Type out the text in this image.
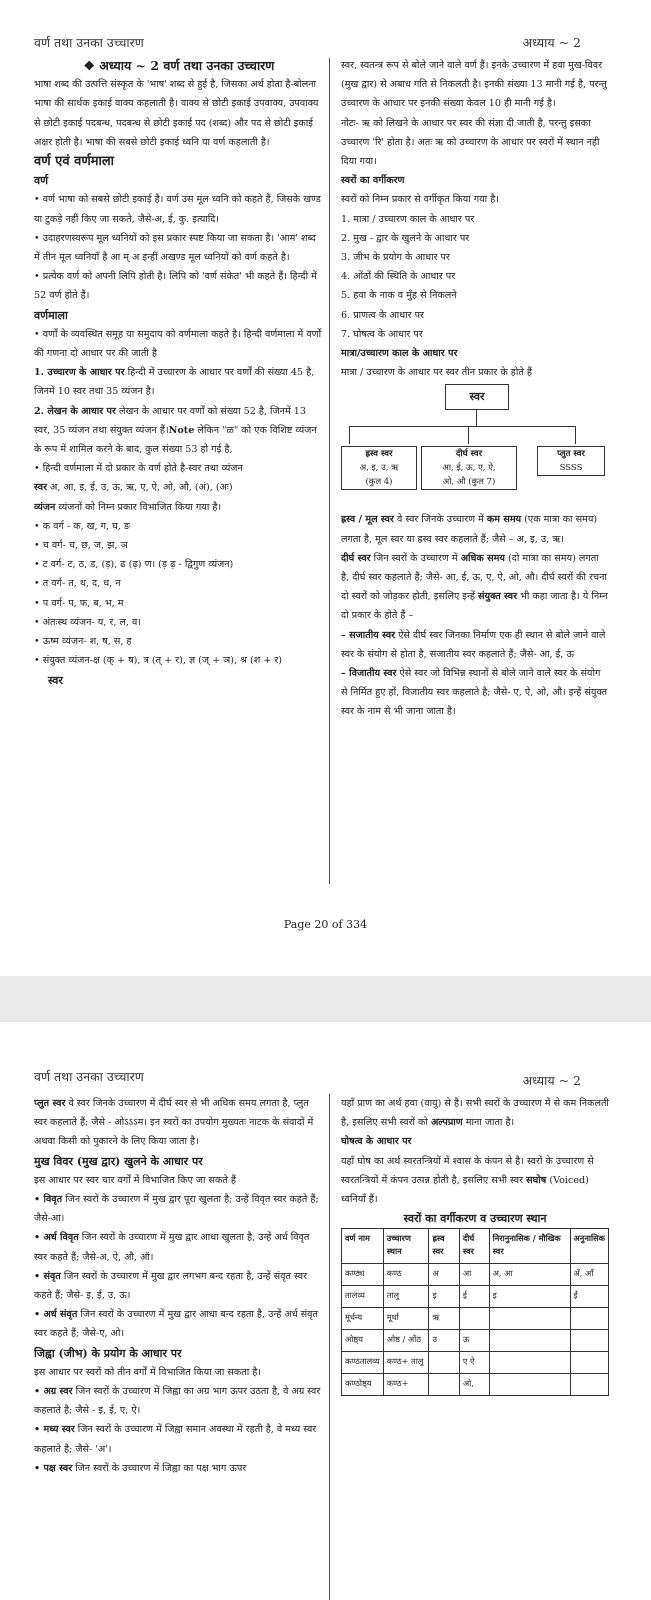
वर्ण तथा उनका उच्चारण	अध्याय ~ 2
❖ अध्याय ~ 2 वर्ण तथा उनका उच्चारण
भाषा शब्द की उत्पत्ति संस्कृत के 'भाष' शब्द से हुई है, जिसका अर्थ होता है-बोलना भाषा की सार्थक इकाई वाक्य कहलाती है। वाक्य से छोटी इकाई उपवाक्य, उपवाक्य से छोटी इकाई पदबन्ध, पदबन्ध से छोटी इकाई पद (शब्द) और पद से छोटी इकाई अक्षर होती है। भाषा की सबसे छोटी इकाई ध्वनि या वर्ण कहलाती है।
वर्ण एवं वर्णमाला
वर्ण
• वर्ण भाषा को सबसे छोटी इकाई है। वर्ण उस मूल ध्वनि को कहते हैं, जिसके खण्ड या टुकड़े नहीं किए जा सकते, जैसे-अ, ई, कु. इत्यादि।
• उदाहरणस्वरूप मूल ध्वनियों को इस प्रकार स्पष्ट किया जा सकता है। 'आम' शब्द में तीन मूल ध्वनियाँ है आ म् अ इन्हीं अखण्ड मूल ध्वनियों को वर्ण कहते है।
• प्रत्येक वर्ण को अपनी लिपि होती है। लिपि को 'वर्ण संकेत' भी कहते हैं। हिन्दी में 52 वर्ण होते हैं।
वर्णमाला
• वर्णों के व्यवस्थित समूह या समुदाय को वर्णमाला कहते है। हिन्दी वर्णमाला में वर्णों की गणना दो आधार पर की जाती है
1. उच्चारण के आधार पर हिन्दी में उच्चारण के आधार पर वर्णों की संख्या 45 है, जिनमें 10 स्वर तथा 35 व्यंजन है।
2. लेखन के आधार पर लेखन के आधार पर वर्णों को संख्या 52 है, जिनमें 13 स्वर, 35 व्यंजन तथा संयुक्त व्यंजन हैं।Note लेकिन "ळ" को एक विशिष्ट व्यंजन के रूप में शामिल करने के बाद, कुल संख्या 53 हो गई है,
• हिन्दी वर्णमाला में दो प्रकार के वर्ण होते है-स्वर तथा व्यंजन
स्वर अ, आ, इ, ई, उ, ऊ, ऋ, ए, ऐ, ओ, औ, (अं), (अः)
व्यंजन व्यंजनों को निम्न प्रकार विभाजित किया गया है।
• क वर्ग - क, ख, ग, घ, ङ
• च वर्ग- च, छ, ज, झ, ञ
• ट वर्ग- ट, ठ, ड, (ड़), ढ (ढ़) ण। (ड़ ढ़ - द्विगुण व्यंजन)
• त वर्ग- त, थ, द, ध, न
• प वर्ग- प, फ, ब, भ, म
• अंतःस्थ व्यंजन- य, र, ल, व।
• ऊष्म व्यंजन- श, ष, स, ह
• संयुक्त व्यंजन-क्ष (क् + ष), त्र (त् + र), ज्ञ (ज् + ञ), श्र (श + र)
स्वर
स्वर, स्वतन्त्र रूप से बोले जाने वाले वर्ण हैं। इनके उच्चारण में हवा मुख-विवर (मुख द्वार) से अबाध गति से निकलती है। इनकी संख्या 13 मानी गई है, परन्तु उच्चारण के आधार पर इनकी संख्या केवल 10 ही मानी गई है।
नोटः- ऋ को लिखने के आधार पर स्वर की संज्ञा दी जाती है, परन्तु इसका उच्चारण 'रि' होता है। अतः ऋ को उच्चारण के आधार पर स्वरों में स्थान नही दिया गया।
स्वरों का वर्गीकरण
स्वरों को निम्न प्रकार से वर्गीकृत किया गया है।
1. मात्रा / उच्चारण काल के आधार पर
2. मुख - द्वार के खुलने के आधार पर
3. जीभ के प्रयोग के आधार पर
4. ओंठों की स्थिति के आधार पर
5. हवा के नाक व मुँह से निकलने
6. प्राणत्व के आधार पर
7. घोषत्व के आधार पर
मात्रा/उच्चारण काल के आधार पर
मात्रा / उच्चारण के आधार पर स्वर तीन प्रकार के होते हैं
स्वर
ह्रस्व स्वर
अ, इ, उ, ऋ
(कुल 4)
दीर्घ स्वर
आ, ई, ऊ, ए, ऐ,
ओ, औ (कुल 7)
प्लुत स्वर
SSSS
ह्रस्व / मूल स्वर वे स्वर जिनके उच्चारण में कम समय (एक मात्रा का समय) लगता है, मूल स्वर या ह्रस्व स्वर कहलाते हैं; जैसे – अ, इ, उ, ऋ।
दीर्घ स्वर जिन स्वरों के उच्चारण में अधिक समय (दो मात्रा का समय) लगता है, दीर्घ स्वर कहलाते हैं; जैसे- आ, ई, ऊ, ए, ऐ, ओ, औ। दीर्घ स्वरों की रचना दो स्वरों को जोड़कर होती, इसलिए इन्हें संयुक्त स्वर भी कहा जाता है। ये निम्न दो प्रकार के होते हैं –
– सजातीय स्वर ऐसे दीर्घ स्वर जिनका निर्माण एक ही स्थान से बोले जाने वाले स्वर के संयोग से होता है, सजातीय स्वर कहलाते हैं; जैसे- आ, ई, ऊ
– विजातीय स्वर ऐसे स्वर जो विभिन्न स्थानों से बोले जाने वाले स्वर के संयोग से निर्मित हुए हों, विजातीय स्वर कहलाते है; जैसे- ए, ऐ, ओ, औ। इन्हें संयुक्त स्वर के नाम से भी जाना जाता है।
Page 20 of 334
वर्ण तथा उनका उच्चारण	अध्याय ~ 2
प्लुत स्वर वे स्वर जिनके उच्चारण में दीर्घ स्वर से भी अधिक समय लगता है, प्लुत स्वर कहलाते हैं; जैसे - ओऽऽऽम। इन स्वरों का उपयोग मुख्यतः नाटक के संवादों में अथवा किसी को पुकारने के लिए किया जाता है।
मुख विवर (मुख द्वार) खुलने के आधार पर
इस आधार पर स्वर चार वर्गों में विभाजित किए जा सकते हैं
• विवृत जिन स्वरों के उच्चारण में मुख द्वार पूरा खुलता है; उन्हें विवृत स्वर कहते हैं; जैसे-आ।
• अर्ध विवृत जिन स्वरों के उच्चारण में मुख द्वार आधा खुलता है, उन्हें अर्ध विवृत स्वर कहते हैं; जैसे-अ, ऐ, औ, ऑ।
• संवृत जिन स्वरों के उच्चारण में मुख द्वार लगभग बन्द रहता है, उन्हें संवृत स्वर कहते हैं; जैसे- इ, ई, उ, ऊ।
• अर्ध संवृत जिन स्वरों के उच्चारण में मुख द्वार आधा बन्द रहता है, उन्हें अर्ध संवृत स्वर कहते हैं; जैसे-ए, ओ।
जिह्वा (जीभ) के प्रयोग के आधार पर
इस आधार पर स्वरों को तीन वर्गों में विभाजित किया जा सकता है।
• अग्र स्वर जिन स्वरों के उच्चारण में जिह्वा का अग्र भाग ऊपर उठता है, वे अग्र स्वर कहलाते है; जैसे - इ, ई, ए, ऐ।
• मध्य स्वर जिन स्वरों के उच्चारण में जिह्वा समान अवस्था में रहती है, वे मध्य स्वर कहलाते है; जैसे- 'अ'।
• पक्ष स्वर जिन स्वरों के उच्चारण में जिह्वा का पक्ष भाग ऊपर
यहाँ प्राण का अर्थ हवा (वायु) से है। सभी स्वरों के उच्चारण में से कम निकलती है, इसलिए सभी स्वरों को अल्पप्राण माना जाता है।
घोषत्व के आधार पर
यहाँ घोष का अर्थ स्वरतन्त्रियों में श्वास के कंपन से है। स्वरों के उच्चारण से स्वरतन्त्रियों में कंपन उत्पन्न होती है, इसलिए सभी स्वर सघोष (Voiced) ध्वनियाँ हैं।
स्वरों का वर्गीकरण व उच्चारण स्थान
वर्ण नाम	उच्चारण स्थान	ह्रस्व स्वर	दीर्घ स्वर	निरानुनासिक / मौखिक स्वर	अनुनासिक
कण्ठ्य	कण्ठ	अ	आ	अ, आ	अँ, आँ
तालव्य	तालु	इ	ई	इ	ईं
मूर्धन्य	मूर्धा	ऋ			
ओष्ठ्य	ओष्ठ / ओंठ	उ	ऊ		
कण्ठतालव्य	कण्ठ+ तालु		ए ऐ		
कण्ठोष्ठ्य	कण्ठ+		ओ,		
